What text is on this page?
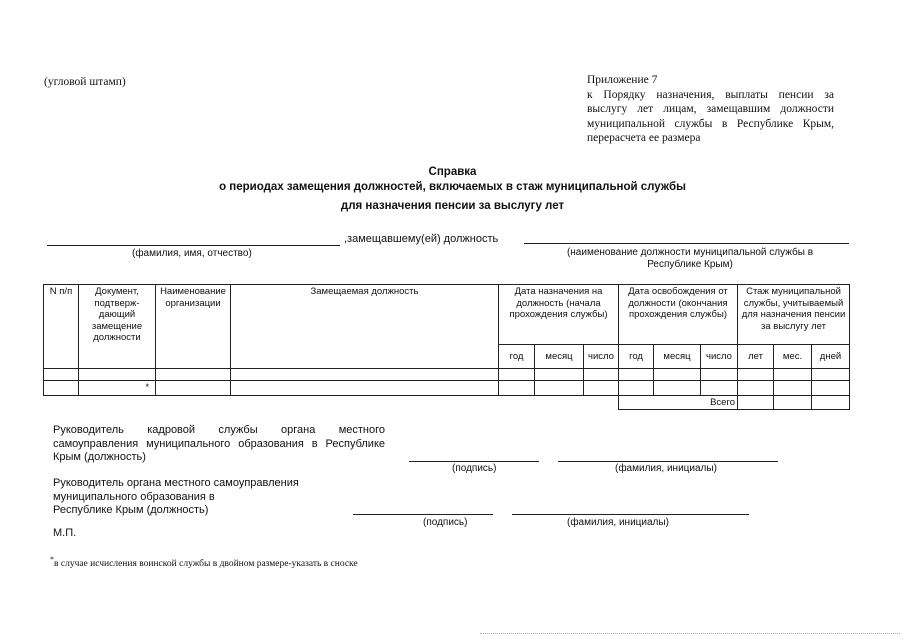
(угловой штамп)	Приложение 7
к Порядку назначения, выплаты пенсии за выслугу лет лицам, замещавшим должности муниципальной службы в Республике Крым, перерасчета ее размера
Справка
о периодах замещения должностей, включаемых в стаж муниципальной службы
для назначения пенсии за выслугу лет
,замещавшему(ей) должность
(фамилия, имя, отчество)	(наименование должности муниципальной службы в
Республике Крым)
N п/п	Документ, подтверж- дающий замещение должности	Наименование организации	Замещаемая должность	Дата назначения на должность (начала прохождения службы)			Дата освобождения от должности (окончания прохождения службы)			Стаж муниципальной службы, учитываемый для назначения пенсии за выслугу лет		
				год	месяц	число	год	месяц	число	лет	мес.	дней

	*											
							Всего					
Руководитель кадровой службы органа местного самоуправления муниципального образования в Республике Крым (должность)
(подпись)	(фамилия, инициалы)
Руководитель органа местного самоуправления
муниципального образования в
Республике Крым (должность)
(подпись)	(фамилия, инициалы)
М.П.
*в случае исчисления воинской службы в двойном размере-указать в сноске
